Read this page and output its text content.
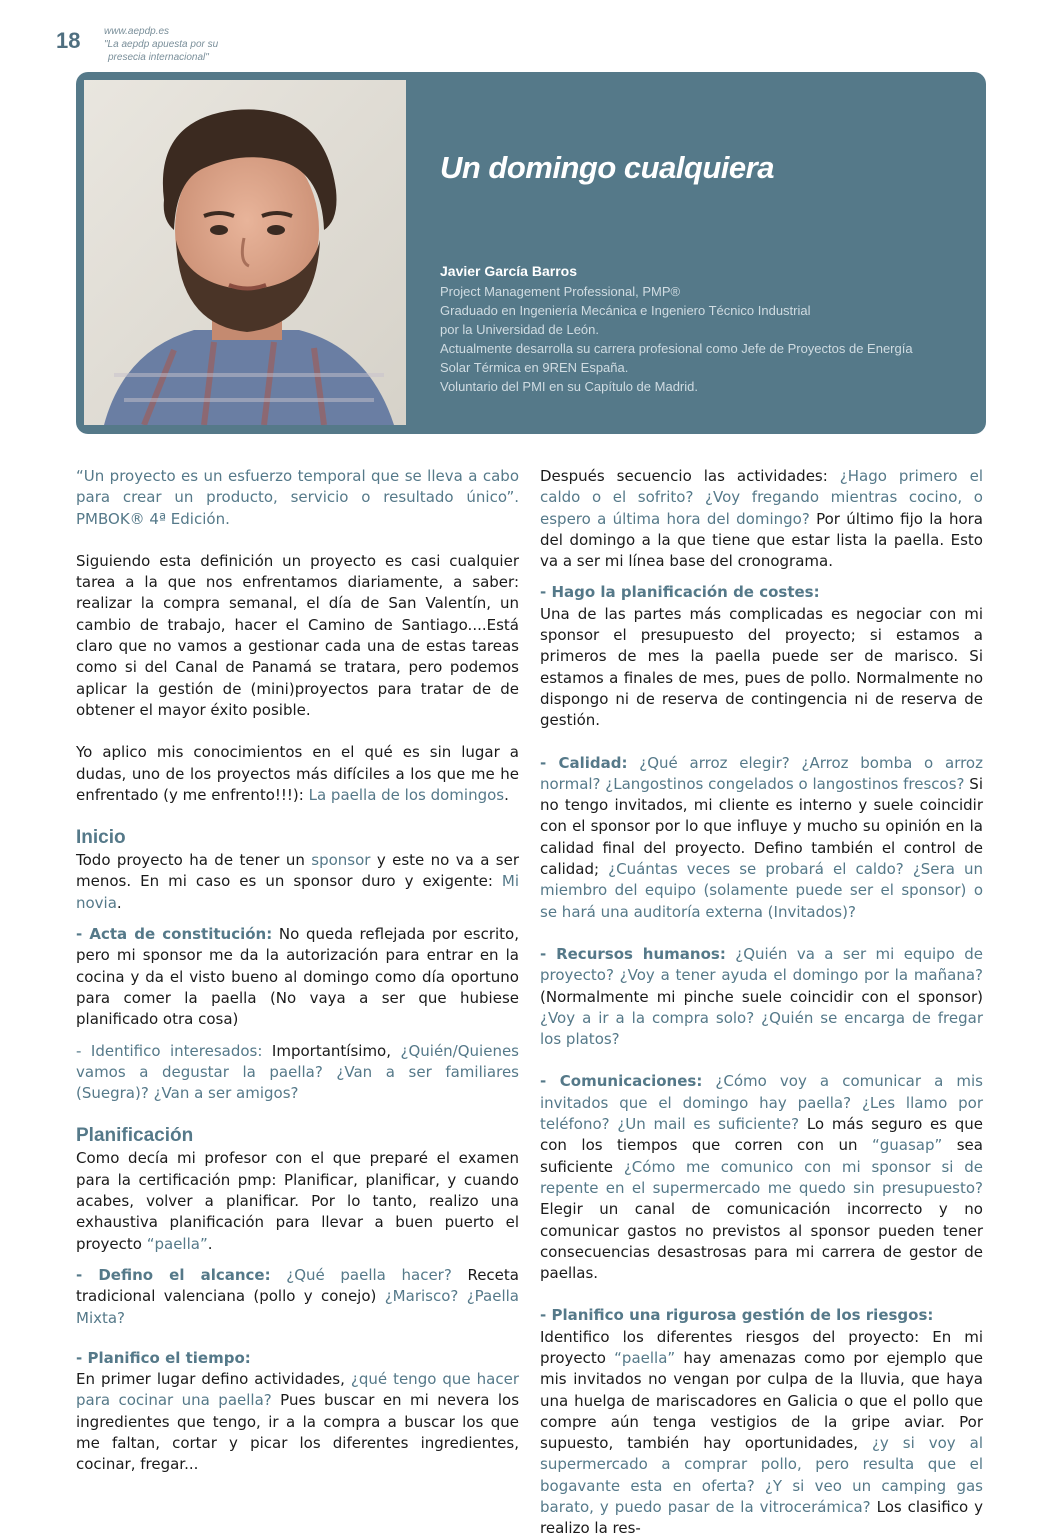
18 www.aepdp.es
"La aepdp apuesta por su
presecia internacional"
Un domingo cualquiera
Javier García Barros
Project Management Professional, PMP®
Graduado en Ingeniería Mecánica e Ingeniero Técnico Industrial
por la Universidad de León.
Actualmente desarrolla su carrera profesional como Jefe de Proyectos de Energía
Solar Térmica en 9REN España.
Voluntario del PMI en su Capítulo de Madrid.

“Un proyecto es un esfuerzo temporal que se lleva a cabo para crear un producto, servicio o resultado único”. PMBOK® 4ª Edición.

Siguiendo esta definición un proyecto es casi cualquier tarea a la que nos enfrentamos diariamente, a saber: realizar la compra semanal, el día de San Valentín, un cambio de trabajo, hacer el Camino de Santiago....Está claro que no vamos a gestionar cada una de estas tareas como si del Canal de Panamá se tratara, pero podemos aplicar la gestión de (mini)proyectos para tratar de de obtener el mayor éxito posible.

Yo aplico mis conocimientos en el qué es sin lugar a dudas, uno de los proyectos más difíciles a los que me he enfrentado (y me enfrento!!!): La paella de los domingos.

Inicio

Todo proyecto ha de tener un sponsor y este no va a ser menos. En mi caso es un sponsor duro y exigente: Mi novia.

- Acta de constitución: No queda reflejada por escrito, pero mi sponsor me da la autorización para entrar en la cocina y da el visto bueno al domingo como día oportuno para comer la paella (No vaya a ser que hubiese planificado otra cosa)

- Identifico interesados: Importantísimo, ¿Quién/Quienes vamos a degustar la paella? ¿Van a ser familiares (Suegra)? ¿Van a ser amigos?

Planificación

Como decía mi profesor con el que preparé el examen para la certificación pmp: Planificar, planificar, y cuando acabes, volver a planificar. Por lo tanto, realizo una exhaustiva planificación para llevar a buen puerto el proyecto “paella”.

- Defino el alcance: ¿Qué paella hacer? Receta tradicional valenciana (pollo y conejo) ¿Marisco? ¿Paella Mixta?

- Planifico el tiempo:

En primer lugar defino actividades, ¿qué tengo que hacer para cocinar una paella? Pues buscar en mi nevera los ingredientes que tengo, ir a la compra a buscar los que me faltan, cortar y picar los diferentes ingredientes, cocinar, fregar...

Después secuencio las actividades: ¿Hago primero el caldo o el sofrito? ¿Voy fregando mientras cocino, o espero a última hora del domingo? Por último fijo la hora del domingo a la que tiene que estar lista la paella. Esto va a ser mi línea base del cronograma.

- Hago la planificación de costes:

Una de las partes más complicadas es negociar con mi sponsor el presupuesto del proyecto; si estamos a primeros de mes la paella puede ser de marisco. Si estamos a finales de mes, pues de pollo. Normalmente no dispongo ni de reserva de contingencia ni de reserva de gestión.

- Calidad: ¿Qué arroz elegir? ¿Arroz bomba o arroz normal? ¿Langostinos congelados o langostinos frescos? Si no tengo invitados, mi cliente es interno y suele coincidir con el sponsor por lo que influye y mucho su opinión en la calidad final del proyecto. Defino también el control de calidad; ¿Cuántas veces se probará el caldo? ¿Sera un miembro del equipo (solamente puede ser el sponsor) o se hará una auditoría externa (Invitados)?

- Recursos humanos: ¿Quién va a ser mi equipo de proyecto? ¿Voy a tener ayuda el domingo por la mañana? (Normalmente mi pinche suele coincidir con el sponsor) ¿Voy a ir a la compra solo? ¿Quién se encarga de fregar los platos?

- Comunicaciones: ¿Cómo voy a comunicar a mis invitados que el domingo hay paella? ¿Les llamo por teléfono? ¿Un mail es suficiente? Lo más seguro es que con los tiempos que corren con un “guasap” sea suficiente ¿Cómo me comunico con mi sponsor si de repente en el supermercado me quedo sin presupuesto? Elegir un canal de comunicación incorrecto y no comunicar gastos no previstos al sponsor pueden tener consecuencias desastrosas para mi carrera de gestor de paellas.

- Planifico una rigurosa gestión de los riesgos:

Identifico los diferentes riesgos del proyecto: En mi proyecto “paella” hay amenazas como por ejemplo que mis invitados no vengan por culpa de la lluvia, que haya una huelga de mariscadores en Galicia o que el pollo que compre aún tenga vestigios de la gripe aviar. Por supuesto, también hay oportunidades, ¿y si voy al supermercado a comprar pollo, pero resulta que el bogavante esta en oferta? ¿Y si veo un camping gas barato, y puedo pasar de la vitrocerámica? Los clasifico y realizo la res-
